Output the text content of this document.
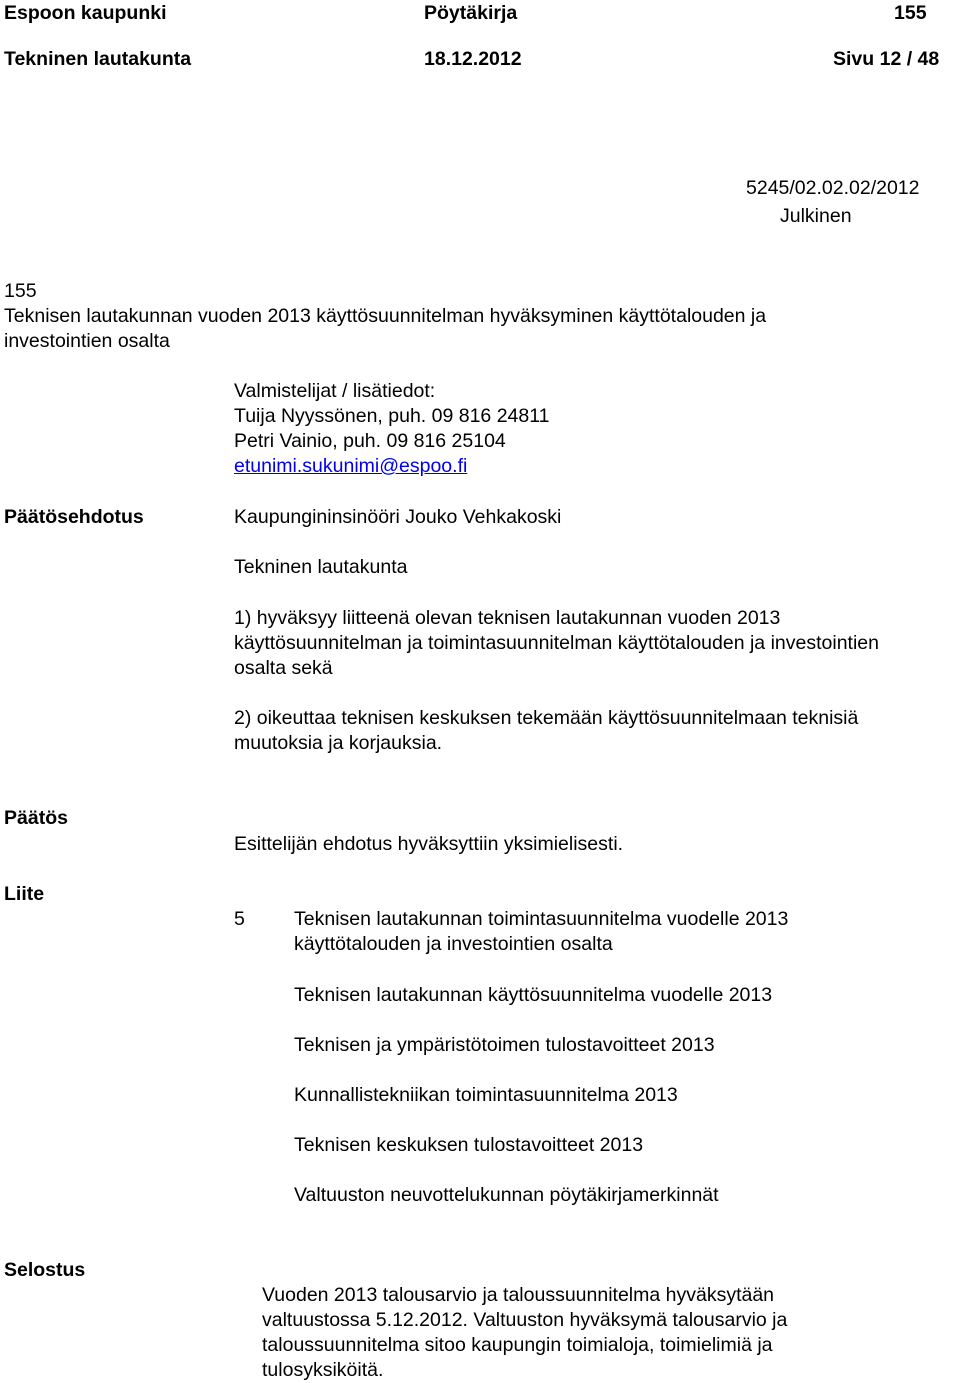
Espoon kaupunki	Pöytäkirja	155
Tekninen lautakunta	18.12.2012	Sivu 12 / 48
5245/02.02.02/2012
Julkinen
155
Teknisen lautakunnan vuoden 2013 käyttösuunnitelman hyväksyminen käyttötalouden ja
investointien osalta
Valmistelijat / lisätiedot:
Tuija Nyyssönen, puh. 09 816 24811
Petri Vainio, puh. 09 816 25104
etunimi.sukunimi@espoo.fi
Päätösehdotus	Kaupungininsinööri Jouko Vehkakoski
Tekninen lautakunta
1) hyväksyy liitteenä olevan teknisen lautakunnan vuoden 2013
käyttösuunnitelman ja toimintasuunnitelman käyttötalouden ja investointien
osalta sekä
2) oikeuttaa teknisen keskuksen tekemään käyttösuunnitelmaan teknisiä
muutoksia ja korjauksia.
Päätös
Esittelijän ehdotus hyväksyttiin yksimielisesti.
Liite
5	Teknisen lautakunnan toimintasuunnitelma vuodelle 2013
käyttötalouden ja investointien osalta
Teknisen lautakunnan käyttösuunnitelma vuodelle 2013
Teknisen ja ympäristötoimen tulostavoitteet 2013
Kunnallistekniikan toimintasuunnitelma 2013
Teknisen keskuksen tulostavoitteet 2013
Valtuuston neuvottelukunnan pöytäkirjamerkinnät
Selostus
Vuoden 2013 talousarvio ja taloussuunnitelma hyväksytään
valtuustossa 5.12.2012. Valtuuston hyväksymä talousarvio ja
taloussuunnitelma sitoo kaupungin toimialoja, toimielimiä ja
tulosyksiköitä.
